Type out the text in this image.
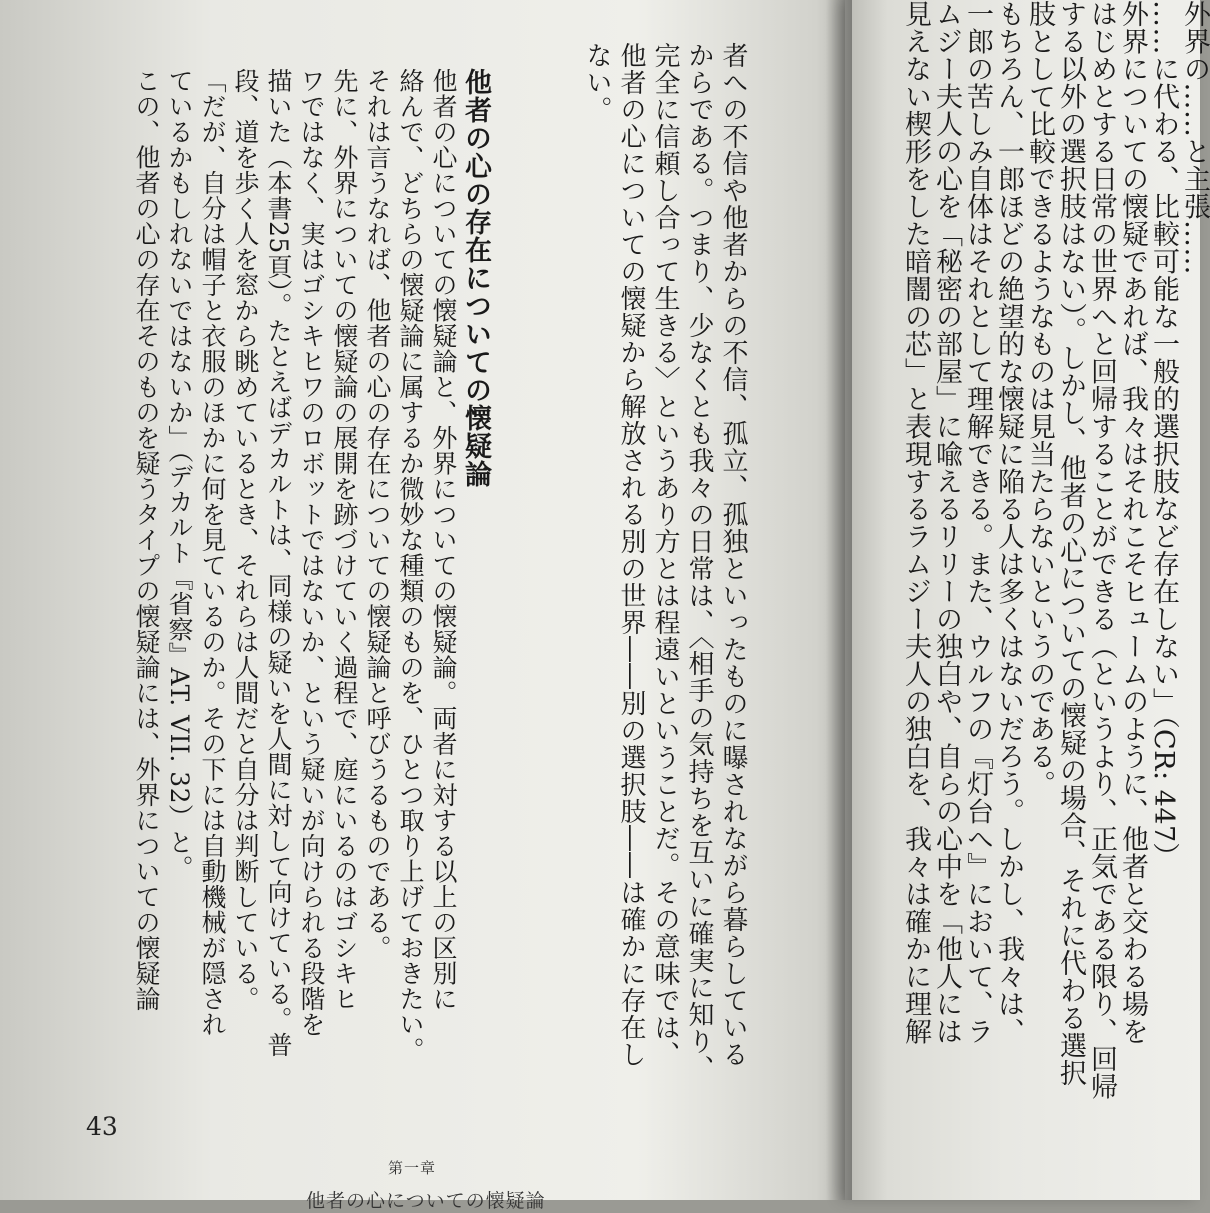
者への不信や他者からの不信、孤立、孤独といったものに曝されながら暮らしている
からである。つまり、少なくとも我々の日常は、〈相手の気持ちを互いに確実に知り、
完全に信頼し合って生きる〉というあり方とは程遠いということだ。その意味では、
他者の心についての懐疑から解放される別の世界――別の選択肢――は確かに存在し
ない。
他者の心の存在についての懐疑論
他者の心についての懐疑論と、外界についての懐疑論。両者に対する以上の区別に
絡んで、どちらの懐疑論に属するか微妙な種類のものを、ひとつ取り上げておきたい。
それは言うなれば、他者の心の存在についての懐疑論と呼びうるものである。
先に、外界についての懐疑論の展開を跡づけていく過程で、庭にいるのはゴシキヒ
ワではなく、実はゴシキヒワのロボットではないか、という疑いが向けられる段階を
描いた（本書25頁）。たとえばデカルトは、同様の疑いを人間に対して向けている。普
段、道を歩く人を窓から眺めているとき、それらは人間だと自分は判断している。
「だが、自分は帽子と衣服のほかに何を見ているのか。その下には自動機械が隠され
ているかもしれないではないか」（デカルト『省察』AT. VII. 32）と。
この、他者の心の存在そのものを疑うタイプの懐疑論には、外界についての懐疑論	外界の……と主張……
……に代わる、比較可能な一般的選択肢など存在しない」（CR: 447）
外界についての懐疑であれば、我々はそれこそヒュームのように、他者と交わる場を
はじめとする日常の世界へと回帰することができる（というより、正気である限り、回帰
する以外の選択肢はない）。しかし、他者の心についての懐疑の場合、それに代わる選択
肢として比較できるようなものは見当たらないというのである。
もちろん、一郎ほどの絶望的な懐疑に陥る人は多くはないだろう。しかし、我々は、
一郎の苦しみ自体はそれとして理解できる。また、ウルフの『灯台へ』において、ラ
ムジー夫人の心を「秘密の部屋」に喩えるリリーの独白や、自らの心中を「他人には
見えない楔形をした暗闇の芯」と表現するラムジー夫人の独白を、我々は確かに理解
43
第一章
他者の心についての懐疑論
